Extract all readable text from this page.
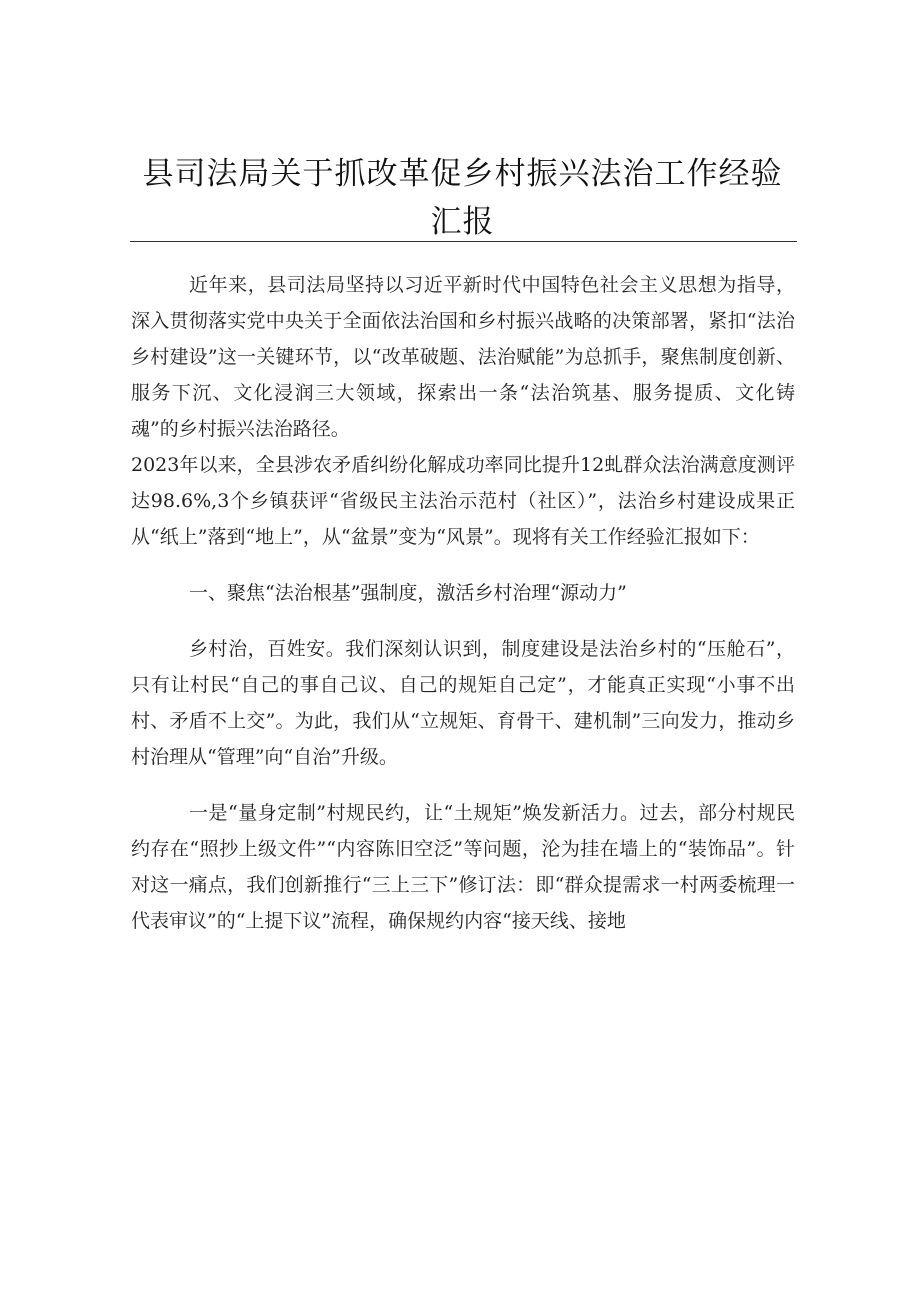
县司法局关于抓改革促乡村振兴法治工作经验汇报

近年来，县司法局坚持以习近平新时代中国特色社会主义思想为指导，深入贯彻落实党中央关于全面依法治国和乡村振兴战略的决策部署，紧扣“法治乡村建设”这一关键环节，以“改革破题、法治赋能”为总抓手，聚焦制度创新、服务下沉、文化浸润三大领域，探索出一条“法治筑基、服务提质、文化铸魂”的乡村振兴法治路径。

2023年以来，全县涉农矛盾纠纷化解成功率同比提升12虬群众法治满意度测评达98.6%,3个乡镇获评“省级民主法治示范村（社区）”，法治乡村建设成果正从“纸上”落到“地上”，从“盆景”变为“风景”。现将有关工作经验汇报如下：

一、聚焦“法治根基”强制度，激活乡村治理“源动力”

乡村治，百姓安。我们深刻认识到，制度建设是法治乡村的“压舱石”，只有让村民“自己的事自己议、自己的规矩自己定”，才能真正实现“小事不出村、矛盾不上交”。为此，我们从“立规矩、育骨干、建机制”三向发力，推动乡村治理从“管理”向“自治”升级。

一是“量身定制”村规民约，让“土规矩”焕发新活力。过去，部分村规民约存在“照抄上级文件”“内容陈旧空泛”等问题，沦为挂在墙上的“装饰品”。针对这一痛点，我们创新推行“三上三下”修订法：即“群众提需求一村两委梳理一代表审议”的“上提下议”流程，确保规约内容“接天线、接地
